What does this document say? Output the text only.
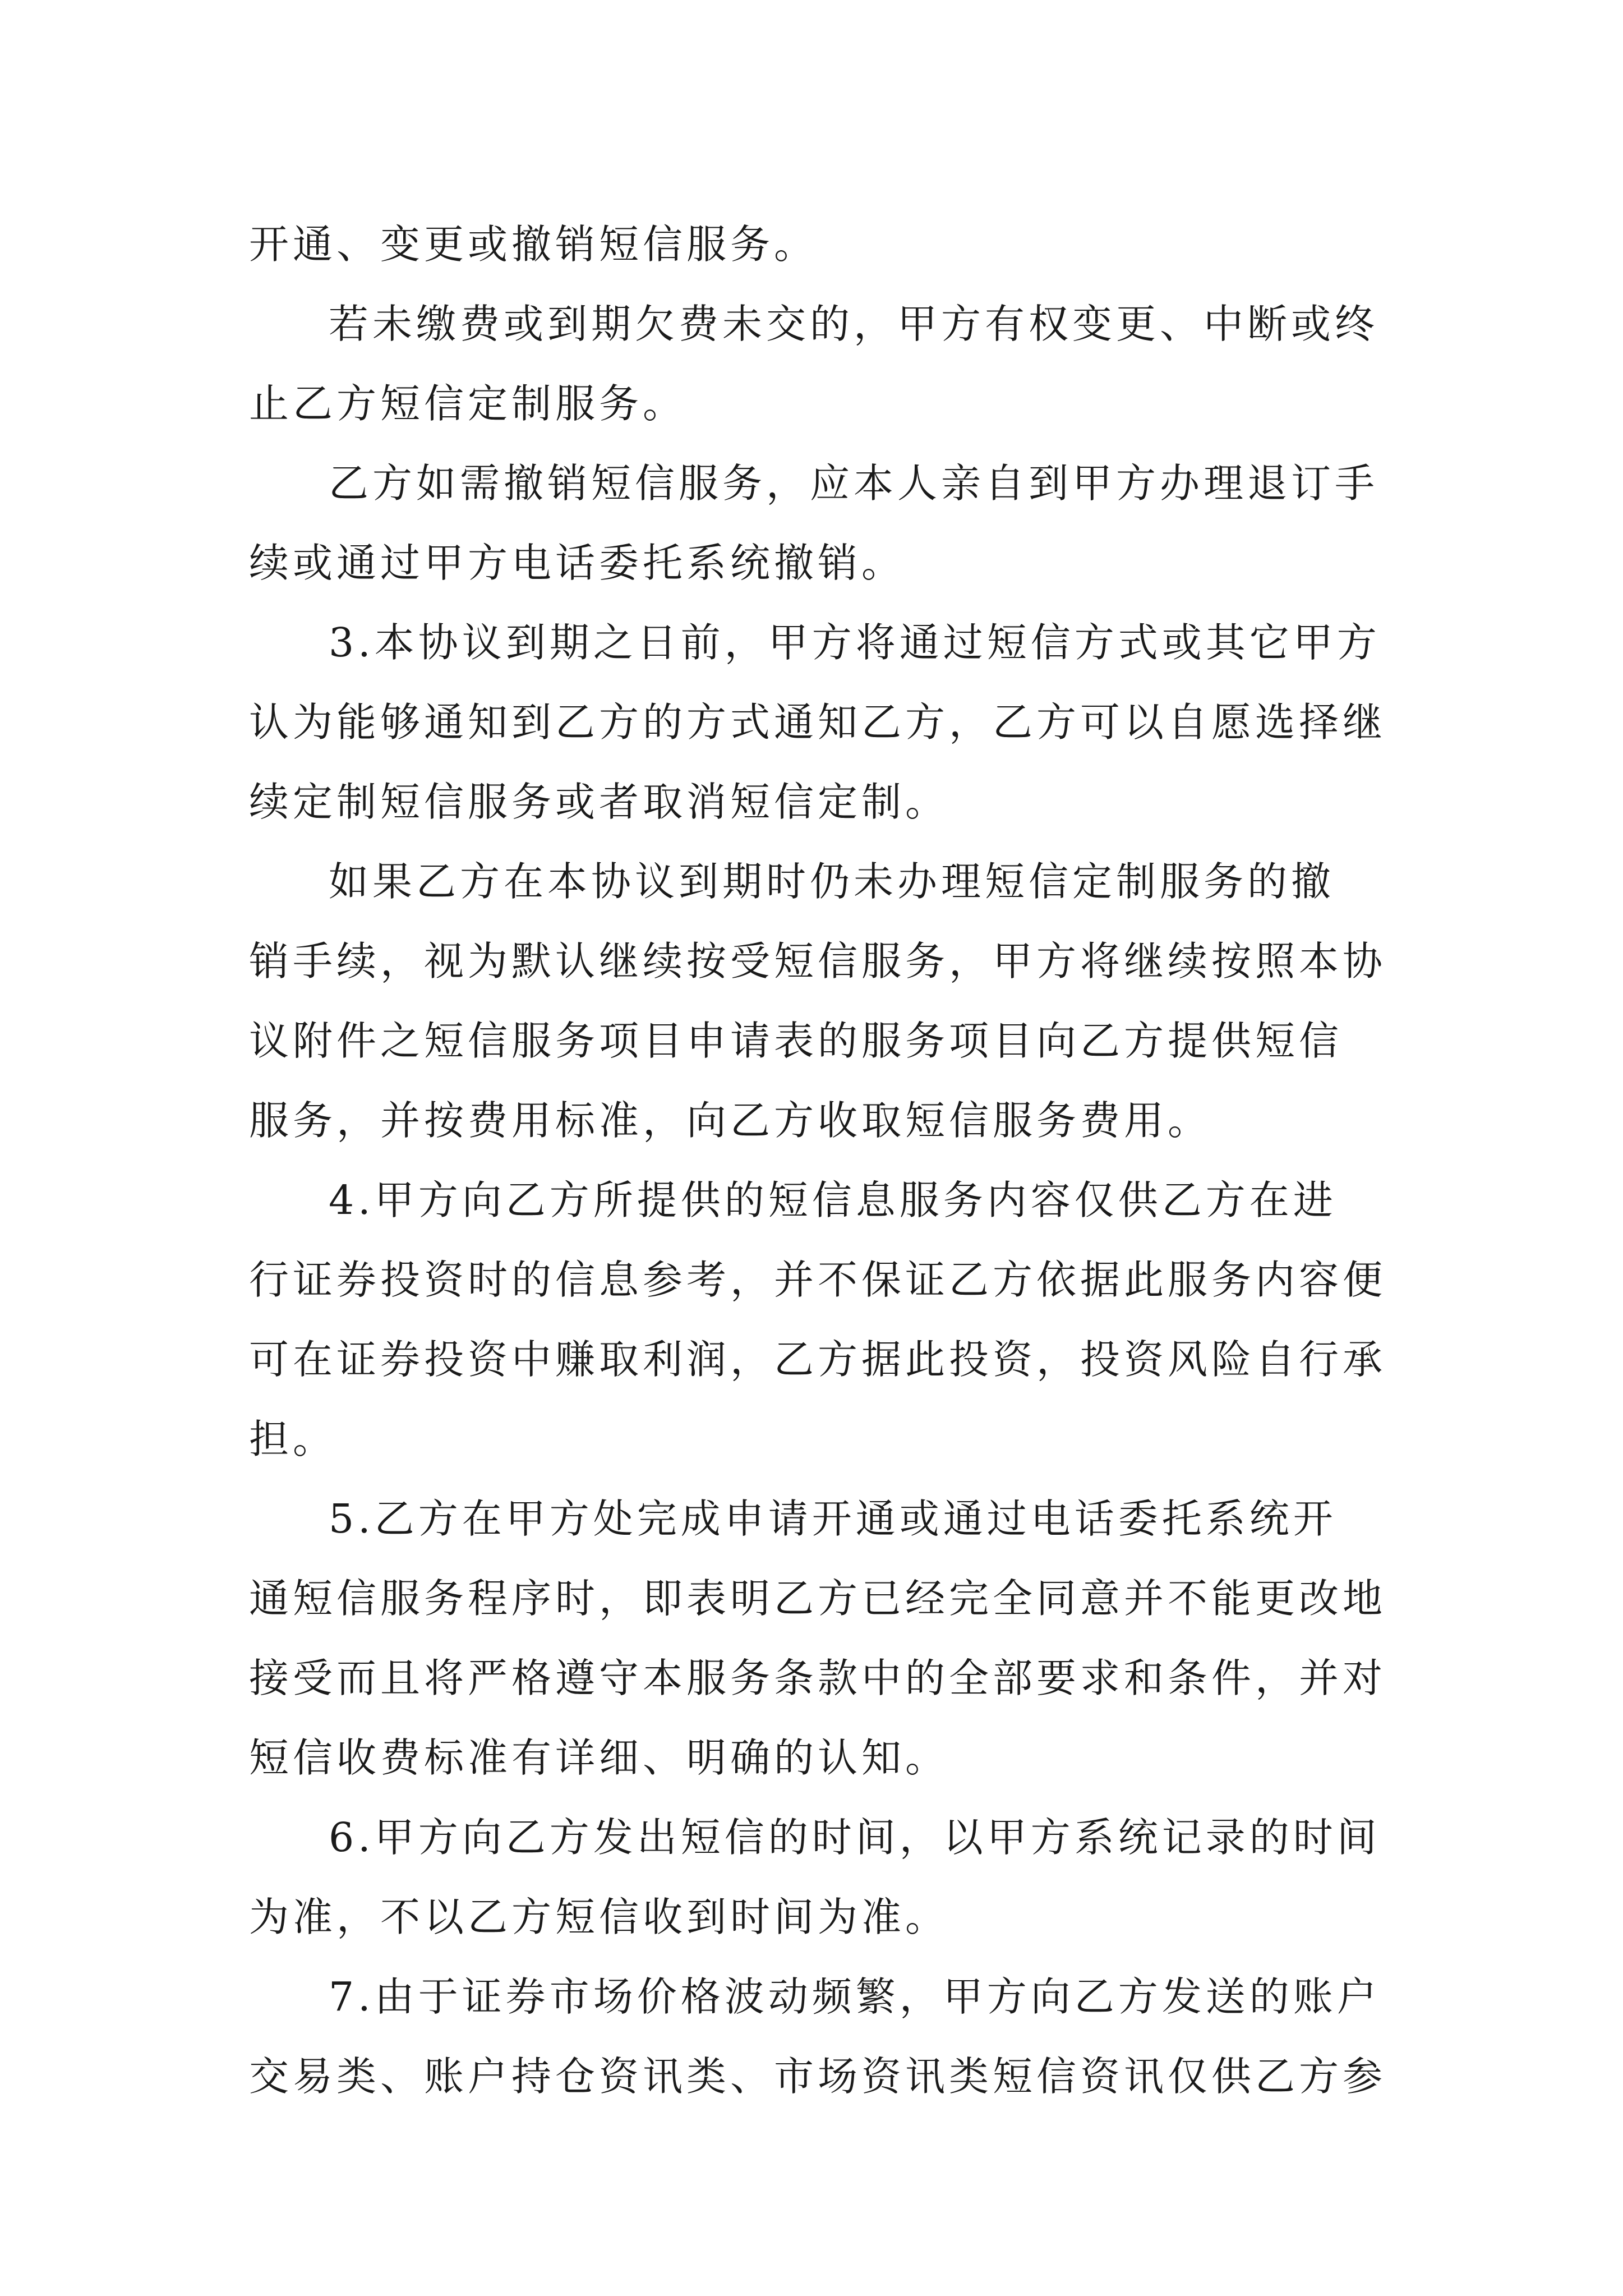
开通、变更或撤销短信服务。

若未缴费或到期欠费未交的，甲方有权变更、中断或终
止乙方短信定制服务。

乙方如需撤销短信服务，应本人亲自到甲方办理退订手
续或通过甲方电话委托系统撤销。

3.本协议到期之日前，甲方将通过短信方式或其它甲方
认为能够通知到乙方的方式通知乙方，乙方可以自愿选择继
续定制短信服务或者取消短信定制。

如果乙方在本协议到期时仍未办理短信定制服务的撤
销手续，视为默认继续按受短信服务，甲方将继续按照本协
议附件之短信服务项目申请表的服务项目向乙方提供短信
服务，并按费用标准，向乙方收取短信服务费用。

4.甲方向乙方所提供的短信息服务内容仅供乙方在进
行证券投资时的信息参考，并不保证乙方依据此服务内容便
可在证券投资中赚取利润，乙方据此投资，投资风险自行承
担。

5.乙方在甲方处完成申请开通或通过电话委托系统开
通短信服务程序时，即表明乙方已经完全同意并不能更改地
接受而且将严格遵守本服务条款中的全部要求和条件，并对
短信收费标准有详细、明确的认知。

6.甲方向乙方发出短信的时间，以甲方系统记录的时间
为准，不以乙方短信收到时间为准。

7.由于证券市场价格波动频繁，甲方向乙方发送的账户
交易类、账户持仓资讯类、市场资讯类短信资讯仅供乙方参
